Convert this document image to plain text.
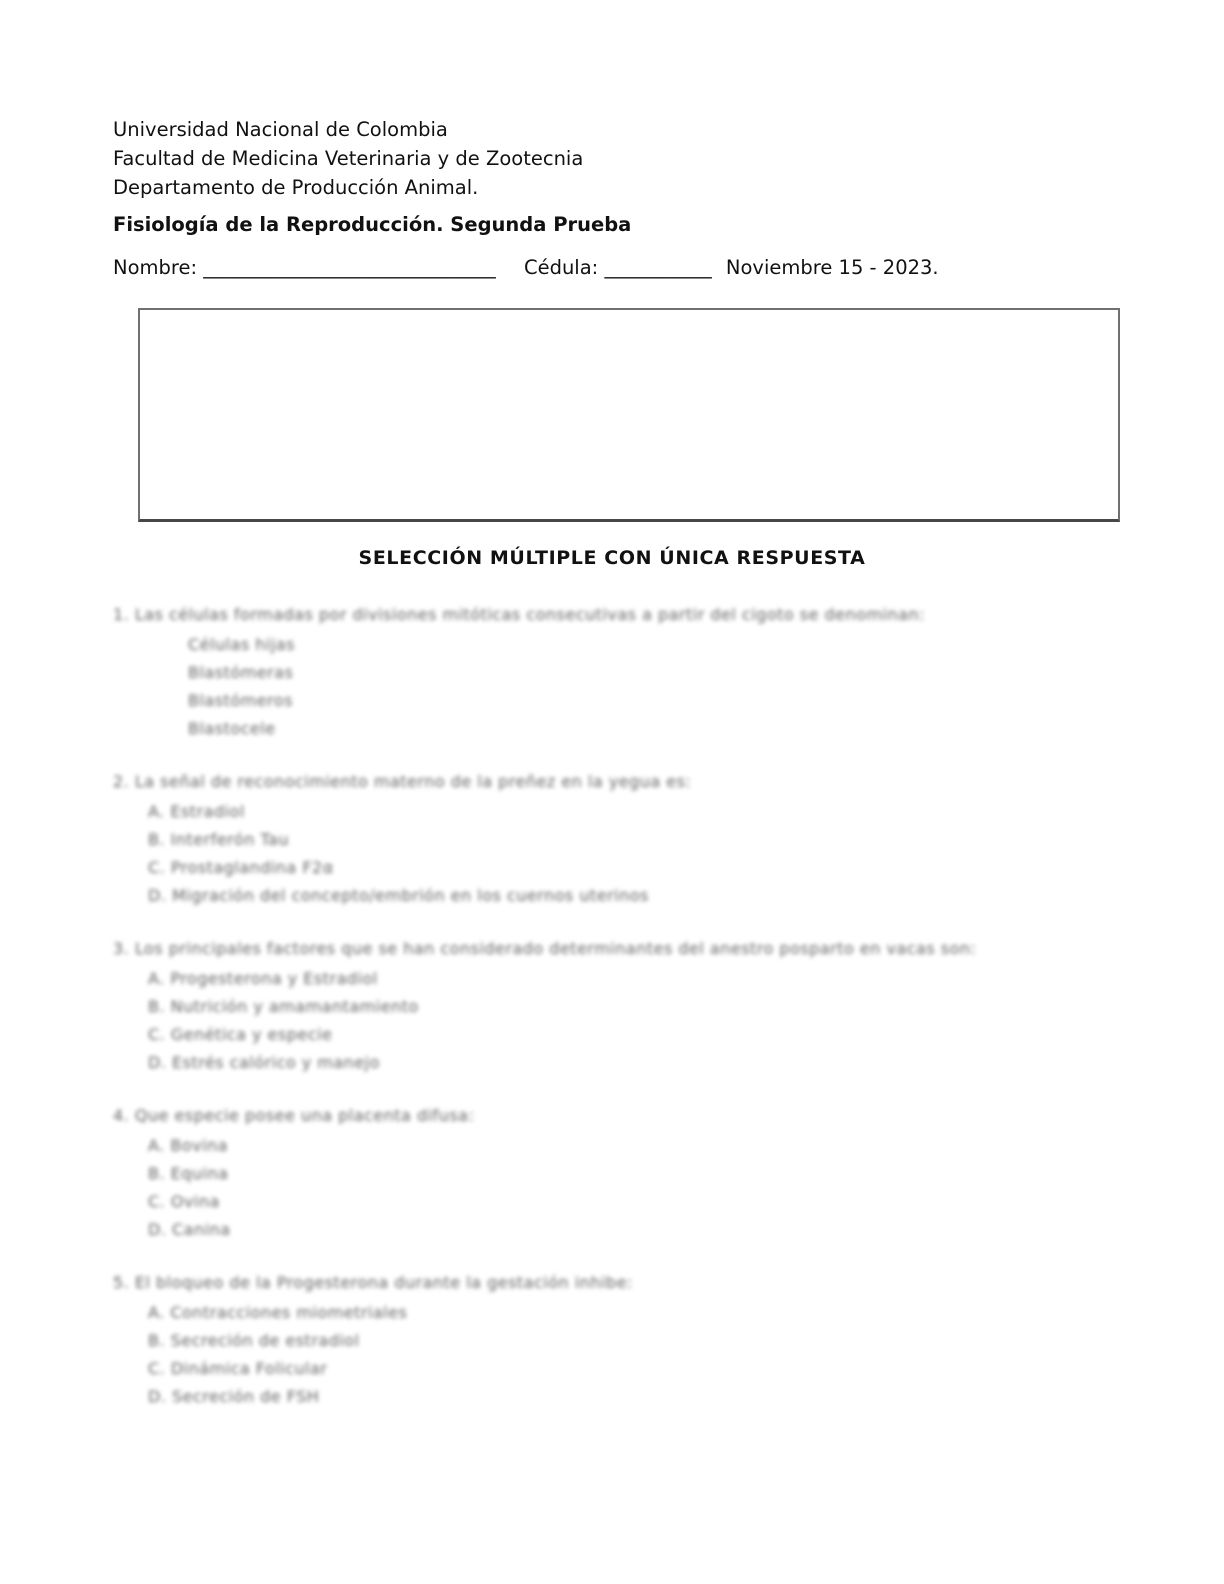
Universidad Nacional de Colombia
Facultad de Medicina Veterinaria y de Zootecnia
Departamento de Producción Animal.
Fisiología de la Reproducción. Segunda Prueba
Nombre: ______________________________ Cédula: ___________ Noviembre 15 - 2023.
SELECCIÓN MÚLTIPLE CON ÚNICA RESPUESTA
1. Las células formadas por divisiones mitóticas consecutivas a partir del cigoto se denominan:
Células hijas
Blastómeras
Blastómeros
Blastocele
2. La señal de reconocimiento materno de la preñez en la yegua es:
A. Estradiol
B. Interferón Tau
C. Prostaglandina F2α
D. Migración del concepto/embrión en los cuernos uterinos
3. Los principales factores que se han considerado determinantes del anestro posparto en vacas son:
A. Progesterona y Estradiol
B. Nutrición y amamantamiento
C. Genética y especie
D. Estrés calórico y manejo
4. Que especie posee una placenta difusa:
A. Bovina
B. Equina
C. Ovina
D. Canina
5. El bloqueo de la Progesterona durante la gestación inhibe:
A. Contracciones miometriales
B. Secreción de estradiol
C. Dinámica Folicular
D. Secreción de FSH
